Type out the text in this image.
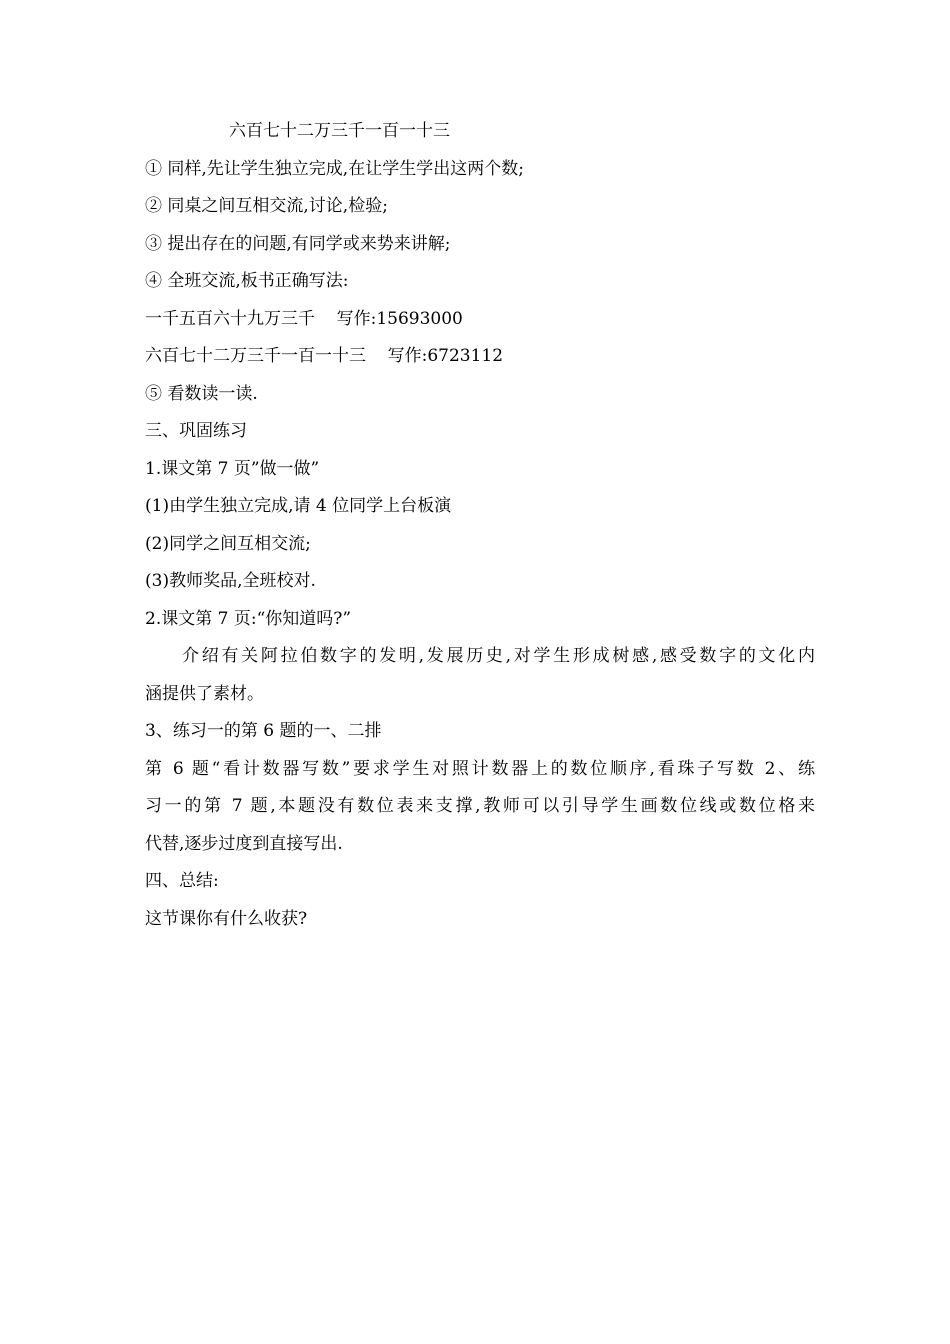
六百七十二万三千一百一十三
① 同样,先让学生独立完成,在让学生学出这两个数;
② 同桌之间互相交流,讨论,检验;
③ 提出存在的问题,有同学或来势来讲解;
④ 全班交流,板书正确写法:
一千五百六十九万三千    写作:15693000
六百七十二万三千一百一十三    写作:6723112
⑤ 看数读一读.
三、巩固练习
1.课文第 7 页”做一做”
(1)由学生独立完成,请 4 位同学上台板演
(2)同学之间互相交流;
(3)教师奖品,全班校对.
2.课文第 7 页:“你知道吗?”
介绍有关阿拉伯数字的发明,发展历史,对学生形成树感,感受数字的文化内
涵提供了素材。
3、练习一的第 6 题的一、二排
第 6 题“看计数器写数”要求学生对照计数器上的数位顺序,看珠子写数 2、练
习一的第 7 题,本题没有数位表来支撑,教师可以引导学生画数位线或数位格来
代替,逐步过度到直接写出.
四、总结:
这节课你有什么收获?
